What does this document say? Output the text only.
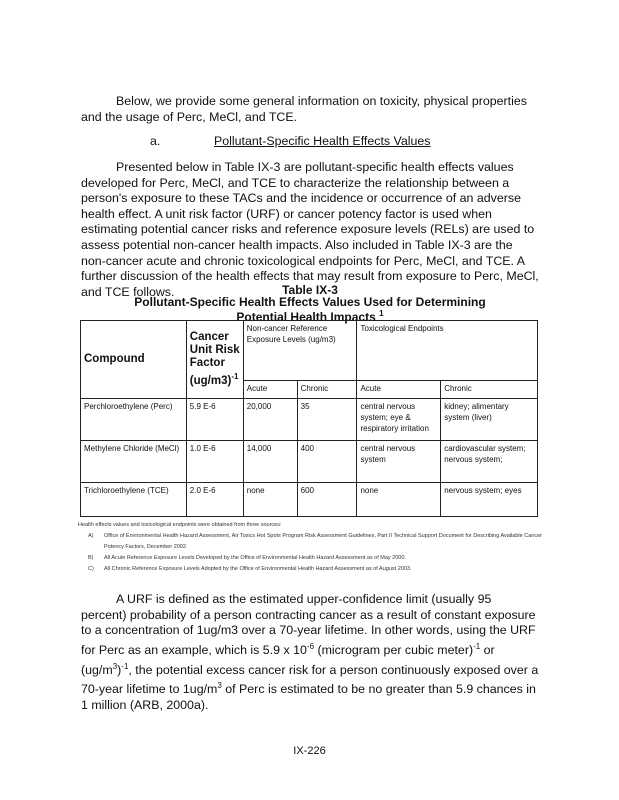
Below, we provide some general information on toxicity, physical properties and the usage of Perc, MeCl, and TCE.

a.	Pollutant-Specific Health Effects Values

Presented below in Table IX-3 are pollutant-specific health effects values developed for Perc, MeCl, and TCE to characterize the relationship between a person's exposure to these TACs and the incidence or occurrence of an adverse health effect. A unit risk factor (URF) or cancer potency factor is used when estimating potential cancer risks and reference exposure levels (RELs) are used to assess potential non-cancer health impacts. Also included in Table IX-3 are the non-cancer acute and chronic toxicological endpoints for Perc, MeCl, and TCE. A further discussion of the health effects that may result from exposure to Perc, MeCl, and TCE follows.	Table IX-3
Pollutant-Specific Health Effects Values Used for Determining
Potential Health Impacts $^1$
Compound	Cancer Unit Risk Factor $(ug/m3)^{-1}$	Non-cancer Reference Exposure Levels (ug/m3)		Toxicological Endpoints	
		Acute	Chronic	Acute	Chronic
Perchloroethylene (Perc)	5.9 E-6	20,000	35	central nervous system; eye & respiratory irritation	kidney; alimentary system (liver)
Methylene Chloride (MeCl)	1.0 E-6	14,000	400	central nervous system	cardiovascular system; nervous system;
Trichloroethylene (TCE)	2.0 E-6	none	600	none	nervous system; eyes
Health effects values and toxicological endpoints were obtained from three sources:
A)	Office of Environmental Health Hazard Assessment, Air Toxics Hot Spots Program Risk Assessment Guidelines, Part II Technical Support Document for Describing Available Cancer Potency Factors, December 2002.
B)	All Acute Reference Exposure Levels Developed by the Office of Environmental Health Hazard Assessment as of May 2000.
C)	All Chronic Reference Exposure Levels Adopted by the Office of Environmental Health Hazard Assessment as of August 2003.

A URF is defined as the estimated upper-confidence limit (usually 95 percent) probability of a person contracting cancer as a result of constant exposure to a concentration of 1ug/m3 over a 70-year lifetime. In other words, using the URF for Perc as an example, which is 5.9 x $10^{-6}$ (microgram per cubic meter)$^{-1}$ or $(ug/m^3)^{-1}$, the potential excess cancer risk for a person continuously exposed over a 70-year lifetime to $1ug/m^3$ of Perc is estimated to be no greater than 5.9 chances in 1 million (ARB, 2000a).

IX-226
